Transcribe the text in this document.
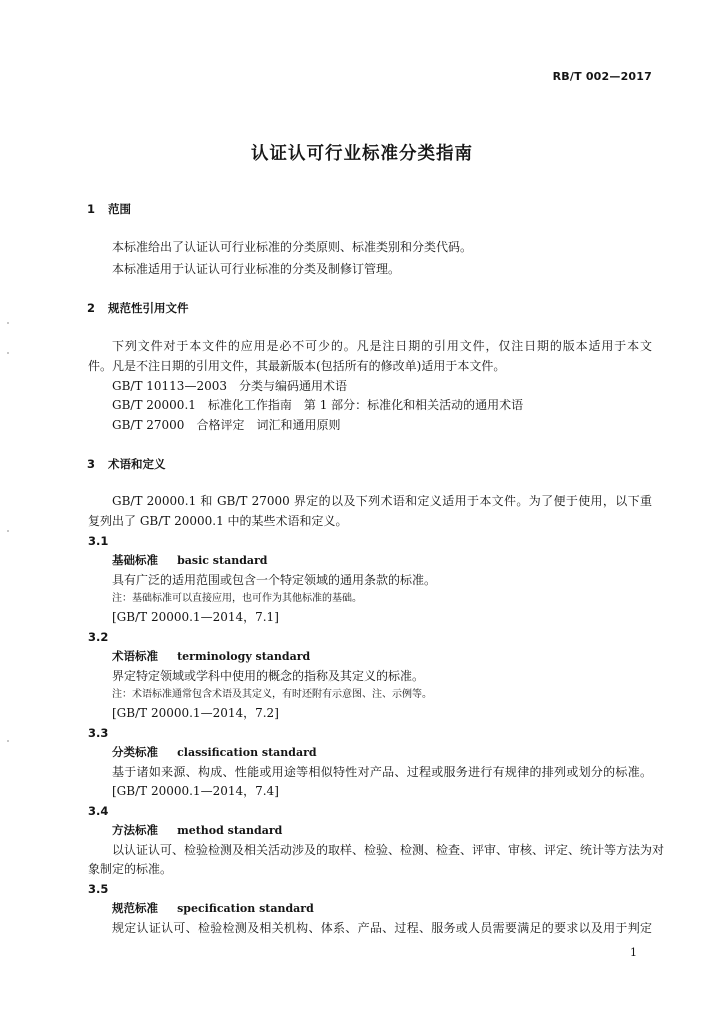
RB/T 002—2017
认证认可行业标准分类指南
1 范围
本标准给出了认证认可行业标准的分类原则、标准类别和分类代码。
本标准适用于认证认可行业标准的分类及制修订管理。
2 规范性引用文件
下列文件对于本文件的应用是必不可少的。凡是注日期的引用文件，仅注日期的版本适用于本文
件。凡是不注日期的引用文件，其最新版本(包括所有的修改单)适用于本文件。
GB/T 10113—2003　分类与编码通用术语
GB/T 20000.1　标准化工作指南　第 1 部分：标准化和相关活动的通用术语
GB/T 27000　合格评定　词汇和通用原则
3 术语和定义
GB/T 20000.1 和 GB/T 27000 界定的以及下列术语和定义适用于本文件。为了便于使用，以下重
复列出了 GB/T 20000.1 中的某些术语和定义。
3.1
基础标准 basic standard
具有广泛的适用范围或包含一个特定领域的通用条款的标准。
注：基础标准可以直接应用，也可作为其他标准的基础。
[GB/T 20000.1—2014，7.1]
3.2
术语标准 terminology standard
界定特定领域或学科中使用的概念的指称及其定义的标准。
注：术语标准通常包含术语及其定义，有时还附有示意图、注、示例等。
[GB/T 20000.1—2014，7.2]
3.3
分类标准 classification standard
基于诸如来源、构成、性能或用途等相似特性对产品、过程或服务进行有规律的排列或划分的标准。
[GB/T 20000.1—2014，7.4]
3.4
方法标准 method standard
以认证认可、检验检测及相关活动涉及的取样、检验、检测、检查、评审、审核、评定、统计等方法为对
象制定的标准。
3.5
规范标准 specification standard
规定认证认可、检验检测及相关机构、体系、产品、过程、服务或人员需要满足的要求以及用于判定
1
